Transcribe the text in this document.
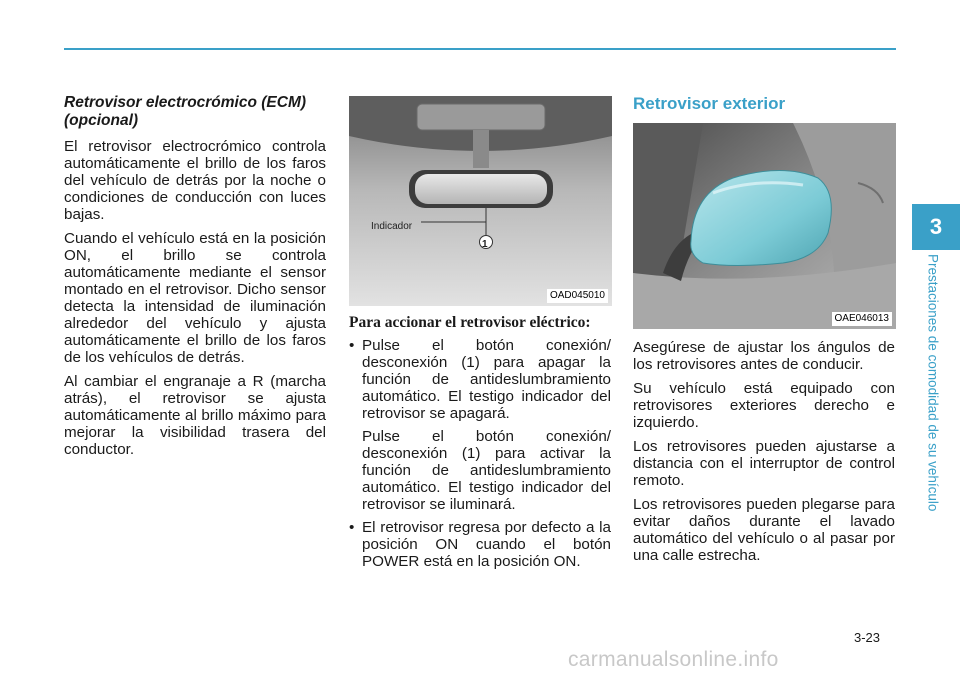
Retrovisor electrocrómico (ECM) (opcional)

El retrovisor electrocrómico controla automáticamente el brillo de los faros del vehículo de detrás por la noche o condiciones de conducción con luces bajas.

Cuando el vehículo está en la posición ON, el brillo se controla automáticamente mediante el sensor montado en el retrovisor. Dicho sensor detecta la intensidad de iluminación alrededor del vehículo y ajusta automáticamente el brillo de los faros de los vehículos de detrás.

Al cambiar el engranaje a R (marcha atrás), el retrovisor se ajusta automáticamente al brillo máximo para mejorar la visibilidad trasera del conductor.

Indicador
1
OAD045010
Para accionar el retrovisor eléctrico:
• Pulse el botón conexión/ desconexión (1) para apagar la función de antideslumbramiento automático. El testigo indicador del retrovisor se apagará.
Pulse el botón conexión/ desconexión (1) para activar la función de antideslumbramiento automático. El testigo indicador del retrovisor se iluminará.
• El retrovisor regresa por defecto a la posición ON cuando el botón POWER está en la posición ON.
Retrovisor exterior
OAE046013

Asegúrese de ajustar los ángulos de los retrovisores antes de conducir.

Su vehículo está equipado con retrovisores exteriores derecho e izquierdo.

Los retrovisores pueden ajustarse a distancia con el interruptor de control remoto.

Los retrovisores pueden plegarse para evitar daños durante el lavado automático del vehículo o al pasar por una calle estrecha.

3
Prestaciones de comodidad de su vehículo
3-23
carmanualsonline.info
